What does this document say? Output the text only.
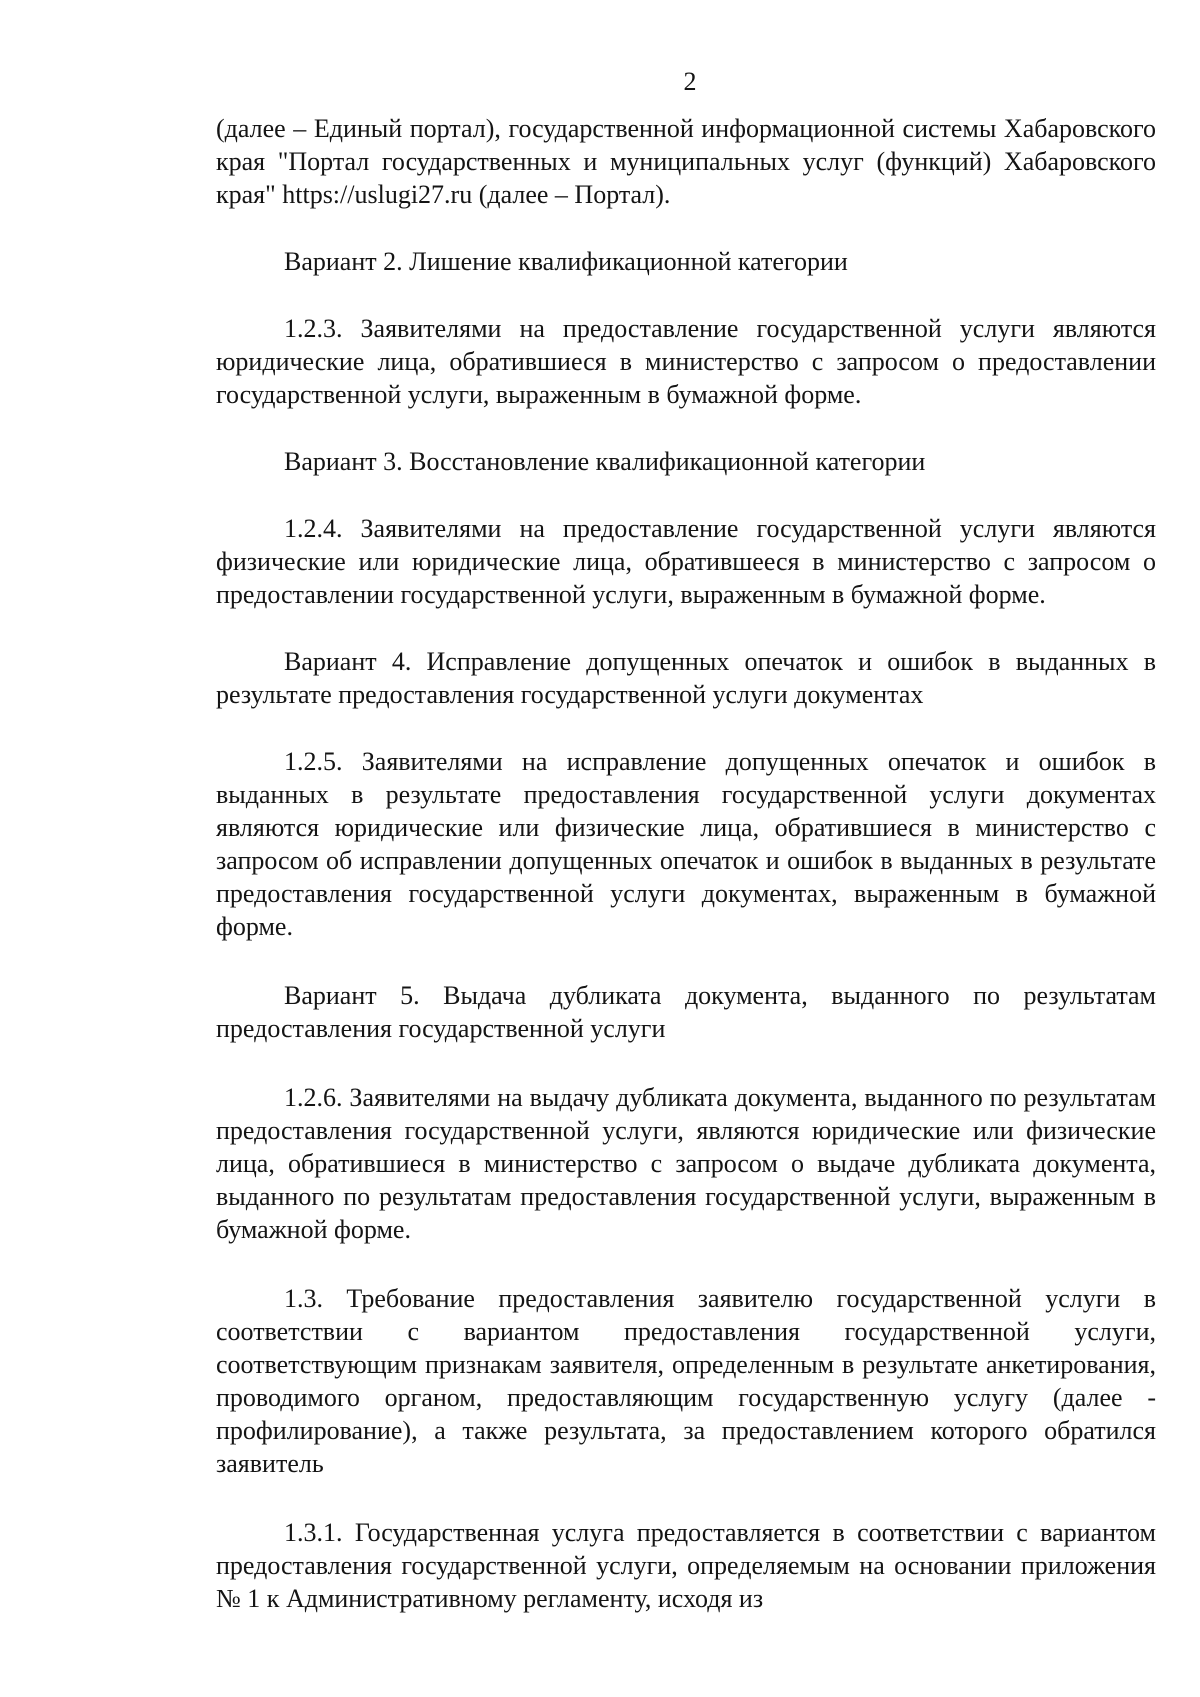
2

(далее – Единый портал), государственной информационной системы Хабаровского края "Портал государственных и муниципальных услуг (функций) Хабаровского края" https://uslugi27.ru (далее – Портал).

Вариант 2. Лишение квалификационной категории

1.2.3. Заявителями на предоставление государственной услуги являются юридические лица, обратившиеся в министерство с запросом о предоставлении государственной услуги, выраженным в бумажной форме.

Вариант 3. Восстановление квалификационной категории

1.2.4. Заявителями на предоставление государственной услуги являются физические или юридические лица, обратившееся в министерство с запросом о предоставлении государственной услуги, выраженным в бумажной форме.

Вариант 4. Исправление допущенных опечаток и ошибок в выданных в результате предоставления государственной услуги документах

1.2.5. Заявителями на исправление допущенных опечаток и ошибок в выданных в результате предоставления государственной услуги документах являются юридические или физические лица, обратившиеся в министерство с запросом об исправлении допущенных опечаток и ошибок в выданных в результате предоставления государственной услуги документах, выраженным в бумажной форме.

Вариант 5. Выдача дубликата документа, выданного по результатам предоставления государственной услуги

1.2.6. Заявителями на выдачу дубликата документа, выданного по результатам предоставления государственной услуги, являются юридические или физические лица, обратившиеся в министерство с запросом о выдаче дубликата документа, выданного по результатам предоставления государственной услуги, выраженным в бумажной форме.

1.3. Требование предоставления заявителю государственной услуги в соответствии с вариантом предоставления государственной услуги, соответствующим признакам заявителя, определенным в результате анкетирования, проводимого органом, предоставляющим государственную услугу (далее - профилирование), а также результата, за предоставлением которого обратился заявитель

1.3.1. Государственная услуга предоставляется в соответствии с вариантом предоставления государственной услуги, определяемым на основании приложения № 1 к Административному регламенту, исходя из
